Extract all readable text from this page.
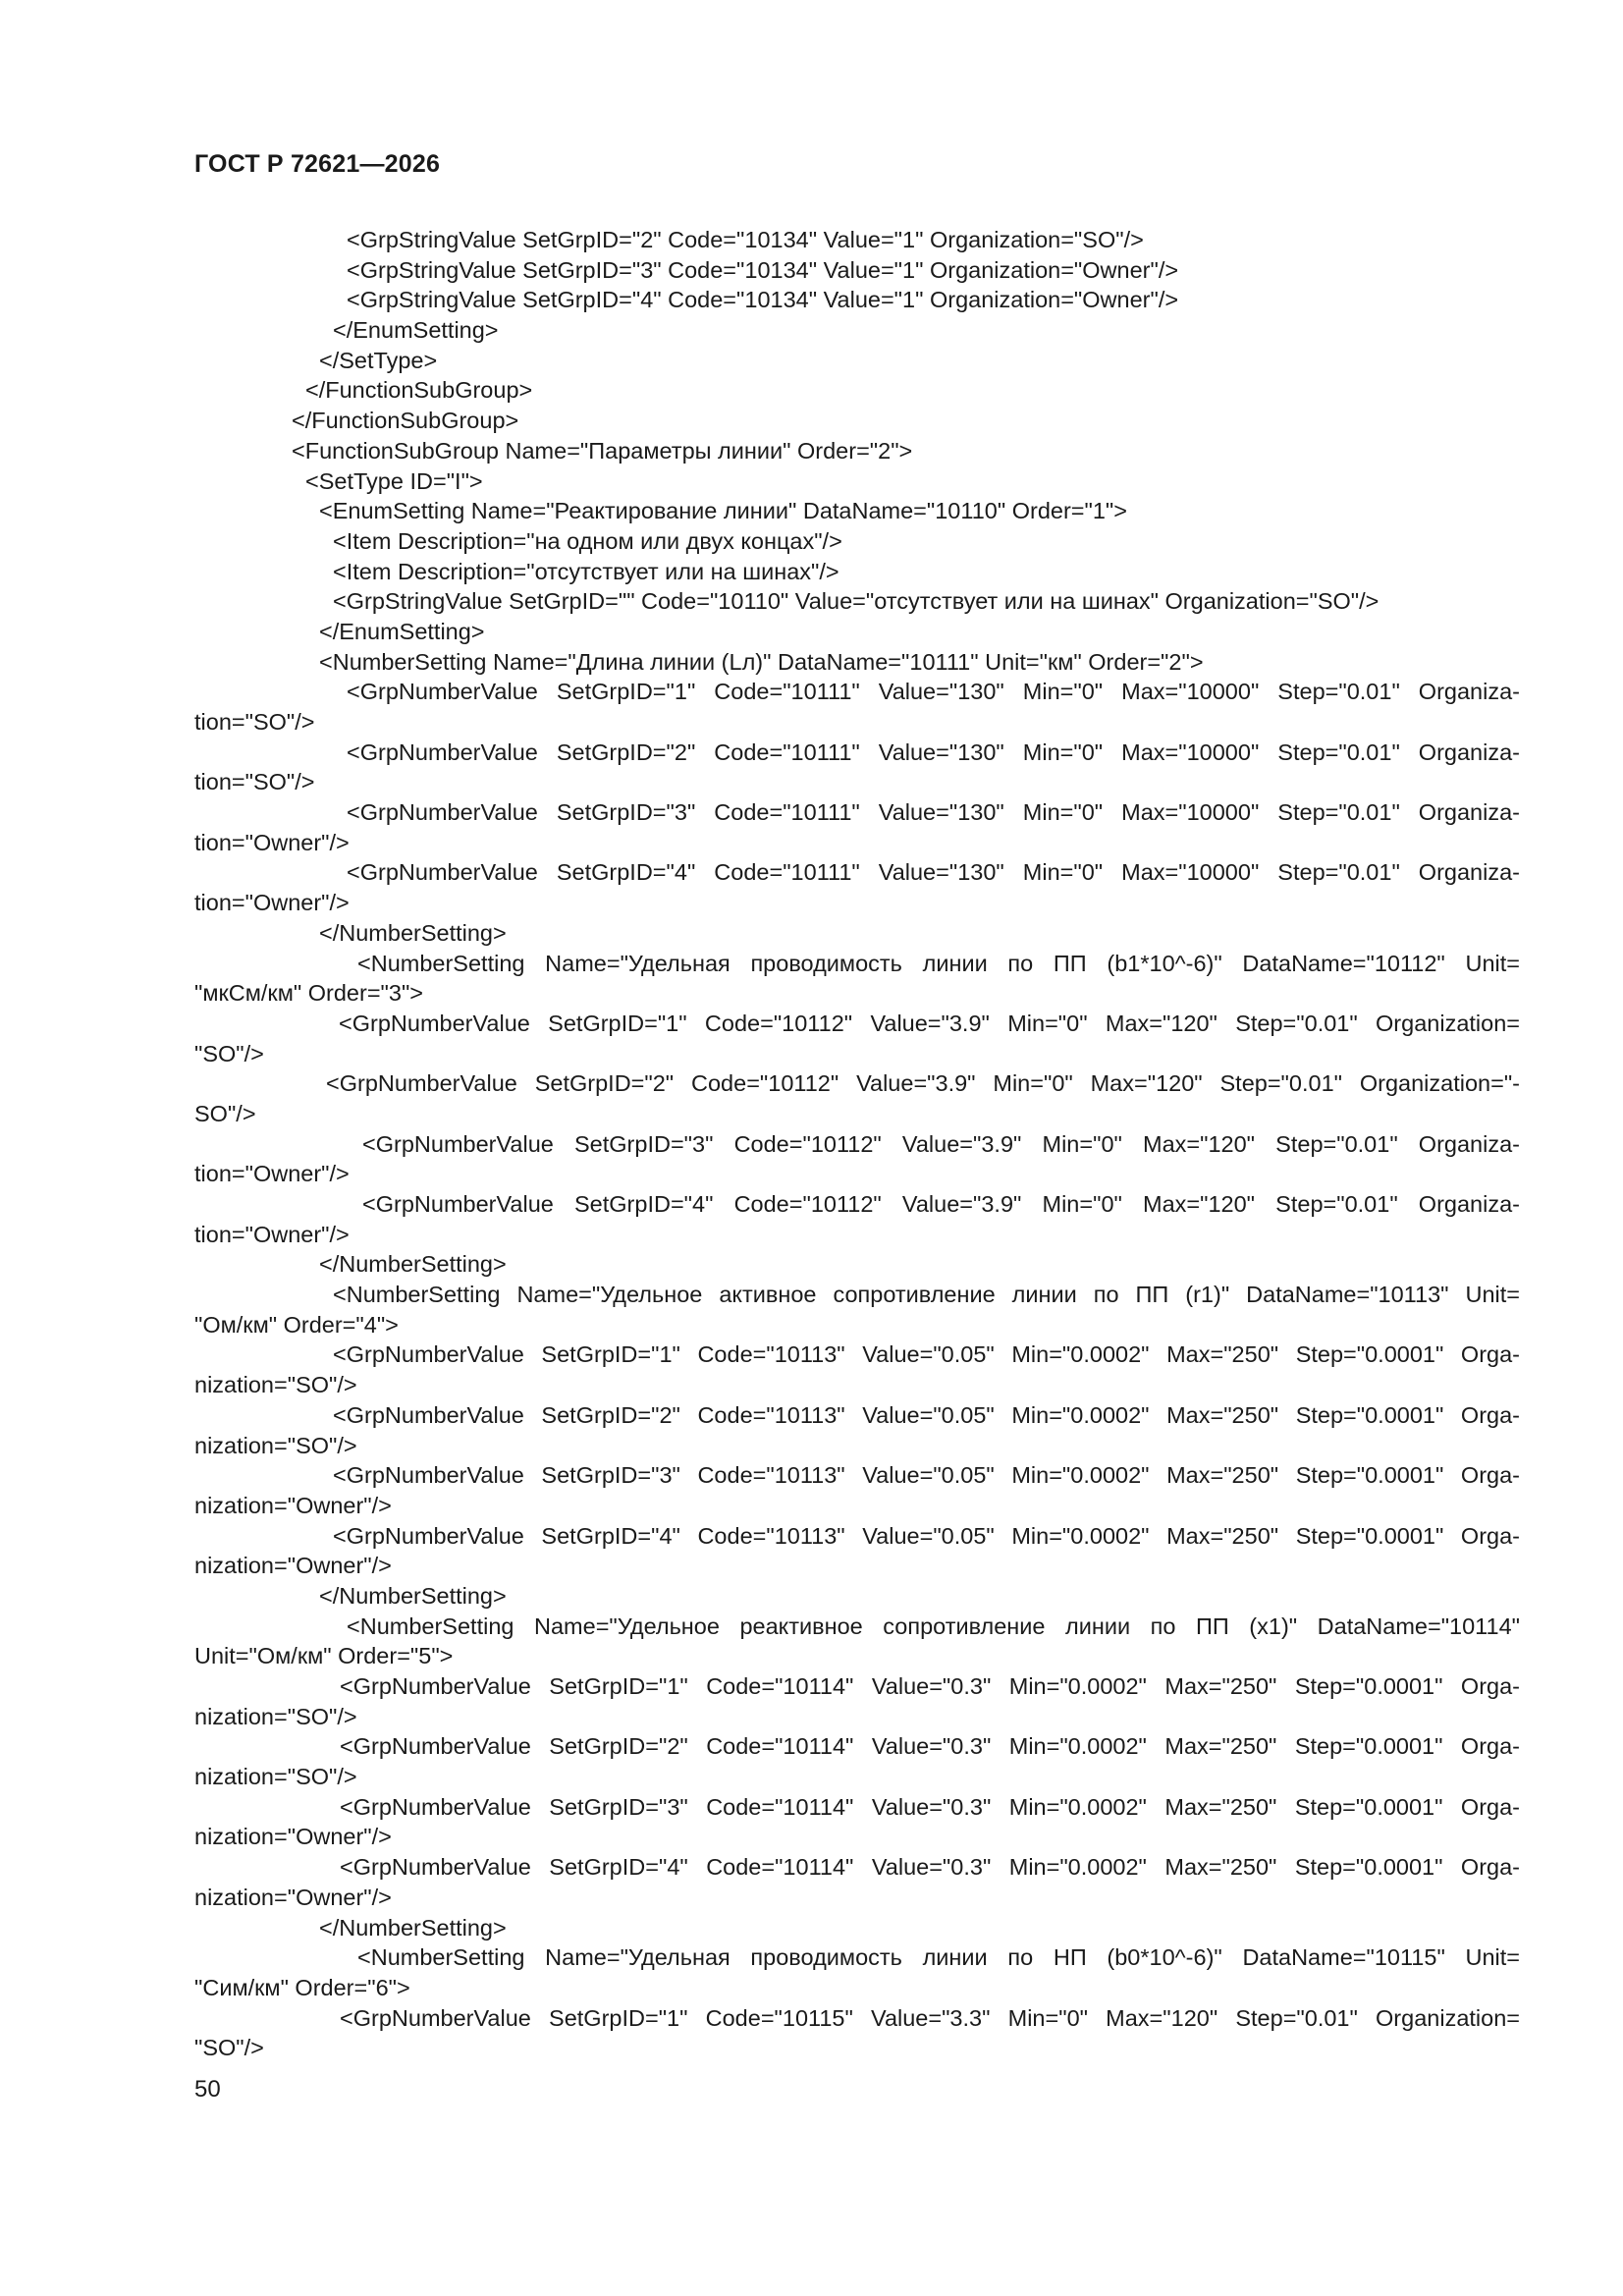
ГОСТ Р 72621—2026
<GrpStringValue SetGrpID="2" Code="10134" Value="1" Organization="SO"/>
<GrpStringValue SetGrpID="3" Code="10134" Value="1" Organization="Owner"/>
<GrpStringValue SetGrpID="4" Code="10134" Value="1" Organization="Owner"/>
</EnumSetting>
</SetType>
</FunctionSubGroup>
</FunctionSubGroup>
<FunctionSubGroup Name="Параметры линии" Order="2">
<SetType ID="I">
<EnumSetting Name="Реактирование линии" DataName="10110" Order="1">
<Item Description="на одном или двух концах"/>
<Item Description="отсутствует или на шинах"/>
<GrpStringValue SetGrpID="" Code="10110" Value="отсутствует или на шинах" Organization="SO"/>
</EnumSetting>
<NumberSetting Name="Длина линии (Lл)" DataName="10111" Unit="км" Order="2">
<GrpNumberValue SetGrpID="1" Code="10111" Value="130" Min="0" Max="10000" Step="0.01" Organiza-
tion="SO"/>
<GrpNumberValue SetGrpID="2" Code="10111" Value="130" Min="0" Max="10000" Step="0.01" Organiza-
tion="SO"/>
<GrpNumberValue SetGrpID="3" Code="10111" Value="130" Min="0" Max="10000" Step="0.01" Organiza-
tion="Owner"/>
<GrpNumberValue SetGrpID="4" Code="10111" Value="130" Min="0" Max="10000" Step="0.01" Organiza-
tion="Owner"/>
</NumberSetting>
<NumberSetting Name="Удельная проводимость линии по ПП (b1*10^-6)" DataName="10112" Unit=
"мкСм/км" Order="3">
<GrpNumberValue SetGrpID="1" Code="10112" Value="3.9" Min="0" Max="120" Step="0.01" Organization=
"SO"/>
<GrpNumberValue SetGrpID="2" Code="10112" Value="3.9" Min="0" Max="120" Step="0.01" Organization="-
SO"/>
<GrpNumberValue SetGrpID="3" Code="10112" Value="3.9" Min="0" Max="120" Step="0.01" Organiza-
tion="Owner"/>
<GrpNumberValue SetGrpID="4" Code="10112" Value="3.9" Min="0" Max="120" Step="0.01" Organiza-
tion="Owner"/>
</NumberSetting>
<NumberSetting Name="Удельное активное сопротивление линии по ПП (r1)" DataName="10113" Unit=
"Ом/км" Order="4">
<GrpNumberValue SetGrpID="1" Code="10113" Value="0.05" Min="0.0002" Max="250" Step="0.0001" Orga-
nization="SO"/>
<GrpNumberValue SetGrpID="2" Code="10113" Value="0.05" Min="0.0002" Max="250" Step="0.0001" Orga-
nization="SO"/>
<GrpNumberValue SetGrpID="3" Code="10113" Value="0.05" Min="0.0002" Max="250" Step="0.0001" Orga-
nization="Owner"/>
<GrpNumberValue SetGrpID="4" Code="10113" Value="0.05" Min="0.0002" Max="250" Step="0.0001" Orga-
nization="Owner"/>
</NumberSetting>
<NumberSetting Name="Удельное реактивное сопротивление линии по ПП (x1)" DataName="10114"
Unit="Ом/км" Order="5">
<GrpNumberValue SetGrpID="1" Code="10114" Value="0.3" Min="0.0002" Max="250" Step="0.0001" Orga-
nization="SO"/>
<GrpNumberValue SetGrpID="2" Code="10114" Value="0.3" Min="0.0002" Max="250" Step="0.0001" Orga-
nization="SO"/>
<GrpNumberValue SetGrpID="3" Code="10114" Value="0.3" Min="0.0002" Max="250" Step="0.0001" Orga-
nization="Owner"/>
<GrpNumberValue SetGrpID="4" Code="10114" Value="0.3" Min="0.0002" Max="250" Step="0.0001" Orga-
nization="Owner"/>
</NumberSetting>
<NumberSetting Name="Удельная проводимость линии по НП (b0*10^-6)" DataName="10115" Unit=
"Сим/км" Order="6">
<GrpNumberValue SetGrpID="1" Code="10115" Value="3.3" Min="0" Max="120" Step="0.01" Organization=
"SO"/>
50
